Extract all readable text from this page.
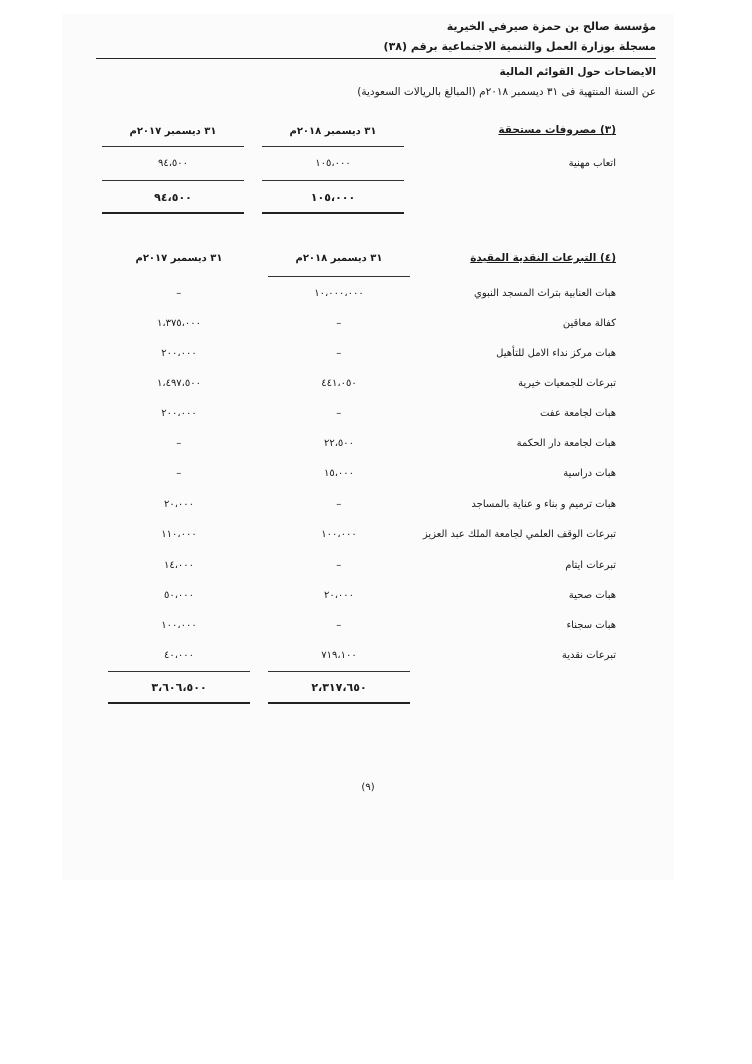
مؤسسة صالح بن حمزة صيرفي الخيرية
مسجلة بوزارة العمل والتنمية الاجتماعية برقم (٣٨)
الايضاحات حول القوائم المالية
عن السنة المنتهية فى ٣١ ديسمبر ٢٠١٨م (المبالغ بالريالات السعودية)
(٣) مصروفات مستحقة
٣١ ديسمبر ٢٠١٨م
٣١ ديسمبر ٢٠١٧م
اتعاب مهنية
١٠٥،٠٠٠
٩٤،٥٠٠
١٠٥،٠٠٠
٩٤،٥٠٠
(٤) التبرعات النقدية المقيدة
٣١ ديسمبر ٢٠١٨م
٣١ ديسمبر ٢٠١٧م
هبات العنابية بتراث المسجد النبوي
١٠،٠٠٠،٠٠٠
–
كفالة معاقين
–
١،٣٧٥،٠٠٠
هبات مركز نداء الامل للتأهيل
–
٢٠٠،٠٠٠
تبرعات للجمعيات خيرية
٤٤١،٠٥٠
١،٤٩٧،٥٠٠
هبات لجامعة عفت
–
٢٠٠،٠٠٠
هبات لجامعة دار الحكمة
٢٢،٥٠٠
–
هبات دراسية
١٥،٠٠٠
–
هبات ترميم و بناء و عناية بالمساجد
–
٢٠،٠٠٠
تبرعات الوقف العلمي لجامعة الملك عبد العزيز
١٠٠،٠٠٠
١١٠،٠٠٠
تبرعات ايتام
–
١٤،٠٠٠
هبات صحية
٢٠،٠٠٠
٥٠،٠٠٠
هبات سجناء
–
١٠٠،٠٠٠
تبرعات نقدية
٧١٩،١٠٠
٤٠،٠٠٠
٢،٣١٧،٦٥٠
٣،٦٠٦،٥٠٠
(٩)
